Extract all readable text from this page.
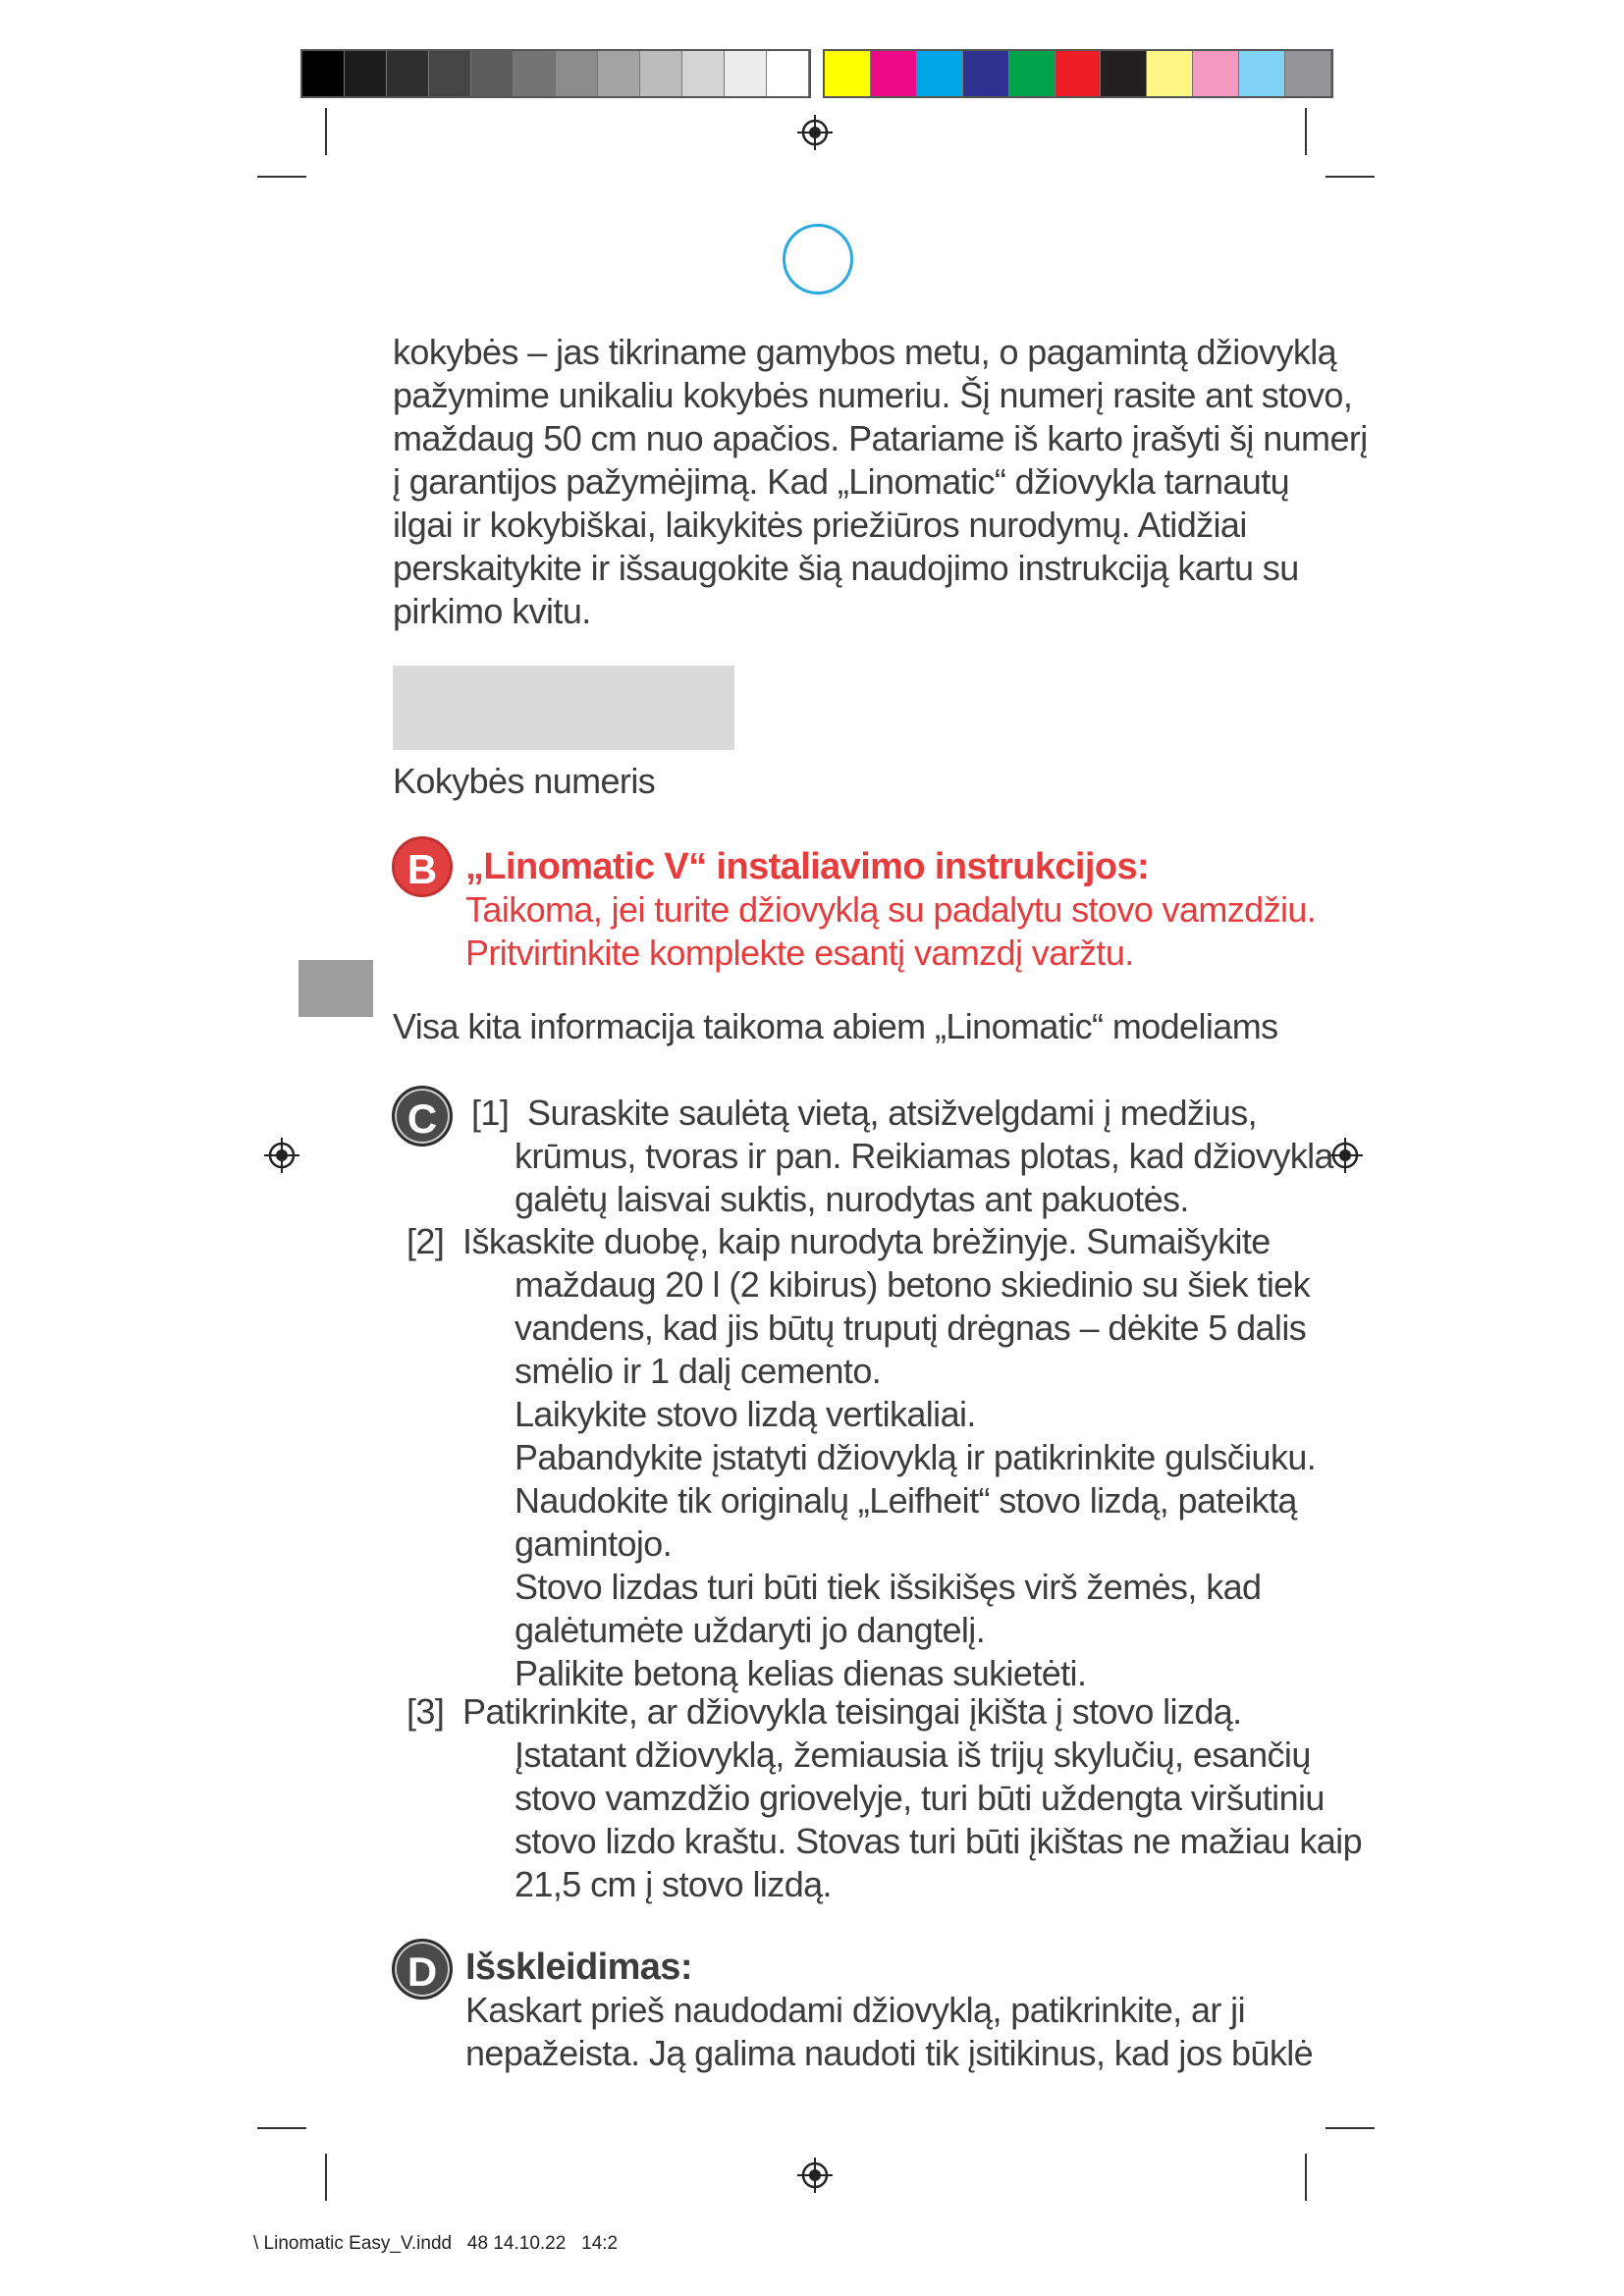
kokybės – jas tikriname gamybos metu, o pagamintą džiovyklą
pažymime unikaliu kokybės numeriu. Šį numerį rasite ant stovo,
maždaug 50 cm nuo apačios. Patariame iš karto įrašyti šį numerį
į garantijos pažymėjimą. Kad „Linomatic“ džiovykla tarnautų
ilgai ir kokybiškai, laikykitės priežiūros nurodymų. Atidžiai
perskaitykite ir išsaugokite šią naudojimo instrukciją kartu su
pirkimo kvitu.
Kokybės numeris
B „Linomatic V“ instaliavimo instrukcijos:
Taikoma, jei turite džiovyklą su padalytu stovo vamzdžiu.
Pritvirtinkite komplekte esantį vamzdį varžtu.
Visa kita informacija taikoma abiem „Linomatic“ modeliams
C [1] Suraskite saulėtą vietą, atsižvelgdami į medžius,
krūmus, tvoras ir pan. Reikiamas plotas, kad džiovykla
galėtų laisvai suktis, nurodytas ant pakuotės.
[2] Iškaskite duobę, kaip nurodyta brėžinyje. Sumaišykite
maždaug 20 l (2 kibirus) betono skiedinio su šiek tiek
vandens, kad jis būtų truputį drėgnas – dėkite 5 dalis
smėlio ir 1 dalį cemento.
Laikykite stovo lizdą vertikaliai.
Pabandykite įstatyti džiovyklą ir patikrinkite gulsčiuku.
Naudokite tik originalų „Leifheit“ stovo lizdą, pateiktą
gamintojo.
Stovo lizdas turi būti tiek išsikišęs virš žemės, kad
galėtumėte uždaryti jo dangtelį.
Palikite betoną kelias dienas sukietėti.
[3] Patikrinkite, ar džiovykla teisingai įkišta į stovo lizdą.
Įstatant džiovyklą, žemiausia iš trijų skylučių, esančių
stovo vamzdžio griovelyje, turi būti uždengta viršutiniu
stovo lizdo kraštu. Stovas turi būti įkištas ne mažiau kaip
21,5 cm į stovo lizdą.
D Išskleidimas:
Kaskart prieš naudodami džiovyklą, patikrinkite, ar ji
nepažeista. Ją galima naudoti tik įsitikinus, kad jos būklė
\ Linomatic Easy_V.indd   48 14.10.22   14:2
